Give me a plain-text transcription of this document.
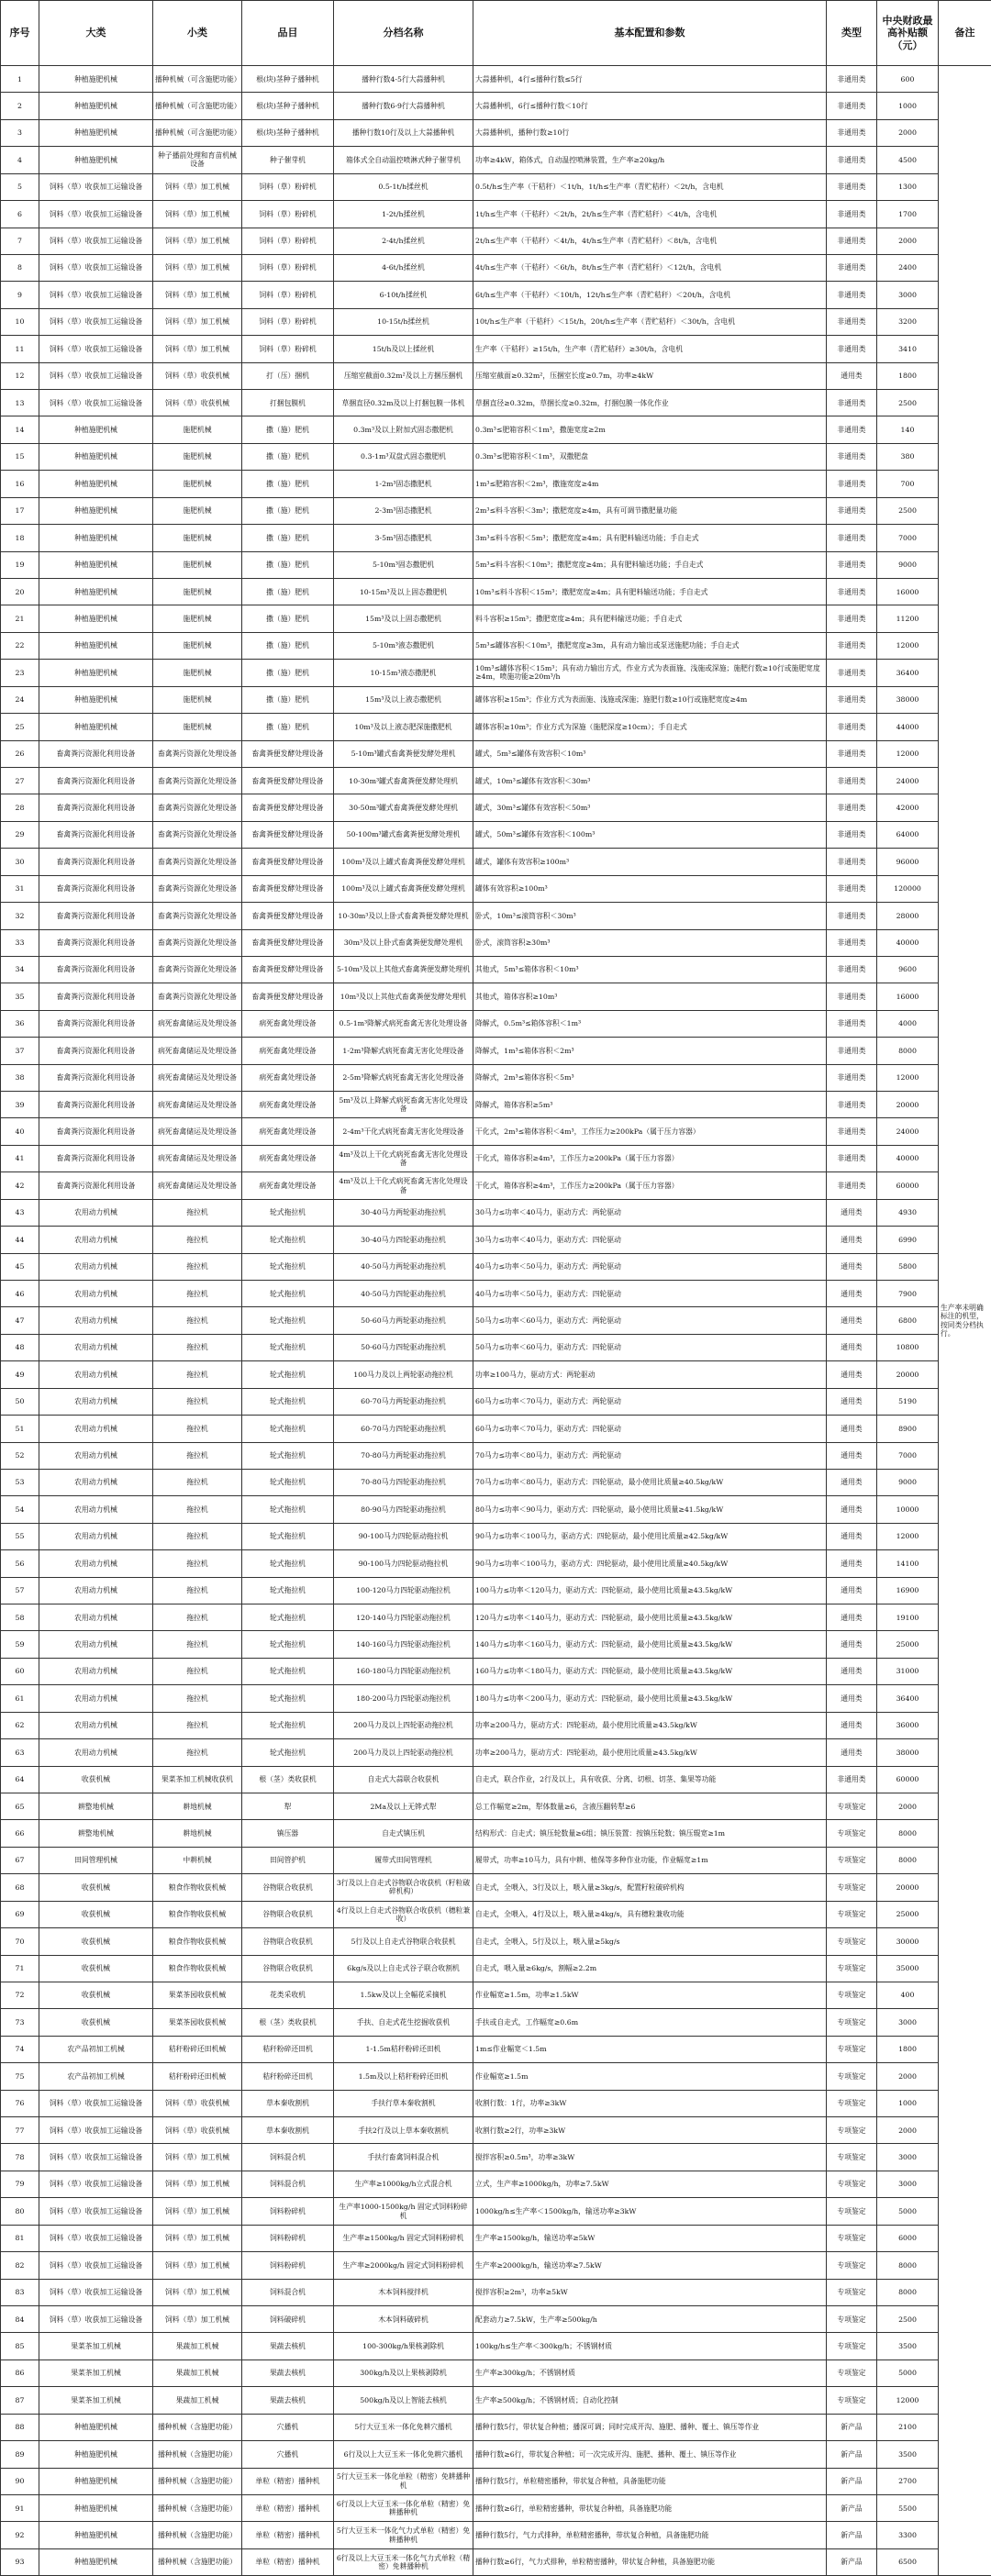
序号	大类	小类	品目	分档名称	基本配置和参数	类型	中央财政最高补贴额（元）	备注
1	种植施肥机械	播种机械（可含施肥功能）	根(块)茎种子播种机	播种行数4-5行大蒜播种机	大蒜播种机，4行≤播种行数≤5行	非通用类	600	生产率未明确标注的机型，按同类分档执行。
2	种植施肥机械	播种机械（可含施肥功能）	根(块)茎种子播种机	播种行数6-9行大蒜播种机	大蒜播种机，6行≤播种行数＜10行	非通用类	1000	
3	种植施肥机械	播种机械（可含施肥功能）	根(块)茎种子播种机	播种行数10行及以上大蒜播种机	大蒜播种机，播种行数≥10行	非通用类	2000	
4	种植施肥机械	种子播前处理和育苗机械设备	种子催芽机	箱体式全自动温控喷淋式种子催芽机	功率≥4kW，箱体式，自动温控喷淋装置，生产率≥20kg/h	非通用类	4500	
5	饲料（草）收获加工运输设备	饲料（草）加工机械	饲料（草）粉碎机	0.5-1t/h揉丝机	0.5t/h≤生产率（干秸秆）＜1t/h，1t/h≤生产率（青贮秸秆）＜2t/h，含电机	非通用类	1300	
6	饲料（草）收获加工运输设备	饲料（草）加工机械	饲料（草）粉碎机	1-2t/h揉丝机	1t/h≤生产率（干秸秆）＜2t/h，2t/h≤生产率（青贮秸秆）＜4t/h，含电机	非通用类	1700	
7	饲料（草）收获加工运输设备	饲料（草）加工机械	饲料（草）粉碎机	2-4t/h揉丝机	2t/h≤生产率（干秸秆）＜4t/h，4t/h≤生产率（青贮秸秆）＜8t/h，含电机	非通用类	2000	
8	饲料（草）收获加工运输设备	饲料（草）加工机械	饲料（草）粉碎机	4-6t/h揉丝机	4t/h≤生产率（干秸秆）＜6t/h，8t/h≤生产率（青贮秸秆）＜12t/h，含电机	非通用类	2400	
9	饲料（草）收获加工运输设备	饲料（草）加工机械	饲料（草）粉碎机	6-10t/h揉丝机	6t/h≤生产率（干秸秆）＜10t/h，12t/h≤生产率（青贮秸秆）＜20t/h，含电机	非通用类	3000	
10	饲料（草）收获加工运输设备	饲料（草）加工机械	饲料（草）粉碎机	10-15t/h揉丝机	10t/h≤生产率（干秸秆）＜15t/h，20t/h≤生产率（青贮秸秆）＜30t/h，含电机	非通用类	3200	
11	饲料（草）收获加工运输设备	饲料（草）加工机械	饲料（草）粉碎机	15t/h及以上揉丝机	生产率（干秸秆）≥15t/h，生产率（青贮秸秆）≥30t/h，含电机	非通用类	3410	
12	饲料（草）收获加工运输设备	饲料（草）收获机械	打（压）捆机	压缩室截面0.32m²及以上方捆压捆机	压缩室截面≥0.32m²，压捆室长度≥0.7m，功率≥4kW	通用类	1800	
13	饲料（草）收获加工运输设备	饲料（草）收获机械	打捆包膜机	草捆直径0.32m及以上打捆包膜一体机	草捆直径≥0.32m，草捆长度≥0.32m，打捆包膜一体化作业	非通用类	2500	
14	种植施肥机械	施肥机械	撒（施）肥机	0.3m³及以上附加式固态撒肥机	0.3m³≤肥箱容积＜1m³，撒施宽度≥2m	非通用类	140	
15	种植施肥机械	施肥机械	撒（施）肥机	0.3-1m³双盘式固态撒肥机	0.3m³≤肥箱容积＜1m³，双撒肥盘	非通用类	380	
16	种植施肥机械	施肥机械	撒（施）肥机	1-2m³固态撒肥机	1m³≤肥箱容积＜2m³，撒施宽度≥4m	非通用类	700	
17	种植施肥机械	施肥机械	撒（施）肥机	2-3m³固态撒肥机	2m³≤料斗容积＜3m³；撒肥宽度≥4m，具有可调节撒肥量功能	非通用类	2500	
18	种植施肥机械	施肥机械	撒（施）肥机	3-5m³固态撒肥机	3m³≤料斗容积＜5m³；撒肥宽度≥4m；具有肥料输送功能；手自走式	非通用类	7000	
19	种植施肥机械	施肥机械	撒（施）肥机	5-10m³固态撒肥机	5m³≤料斗容积＜10m³；撒肥宽度≥4m；具有肥料输送功能；手自走式	非通用类	9000	
20	种植施肥机械	施肥机械	撒（施）肥机	10-15m³及以上固态撒肥机	10m³≤料斗容积＜15m³；撒肥宽度≥4m；具有肥料输送功能；手自走式	非通用类	16000	
21	种植施肥机械	施肥机械	撒（施）肥机	15m³及以上固态撒肥机	料斗容积≥15m³；撒肥宽度≥4m；具有肥料输送功能；手自走式	非通用类	11200	
22	种植施肥机械	施肥机械	撒（施）肥机	5-10m³液态撒肥机	5m³≤罐体容积＜10m³，撒肥宽度≥3m，具有动力输出或泵送施肥功能；手自走式	非通用类	12000	
23	种植施肥机械	施肥机械	撒（施）肥机	10-15m³液态撒肥机	10m³≤罐体容积＜15m³；具有动力输出方式，作业方式为表面施、浅施或深施；施肥行数≥10行或施肥宽度≥4m，喷施功能≥20m³/h	非通用类	36400	
24	种植施肥机械	施肥机械	撒（施）肥机	15m³及以上液态撒肥机	罐体容积≥15m³；作业方式为表面施、浅施或深施；施肥行数≥10行或施肥宽度≥4m	非通用类	38000	
25	种植施肥机械	施肥机械	撒（施）肥机	10m³及以上液态肥深施撒肥机	罐体容积≥10m³；作业方式为深施（施肥深度≥10cm）；手自走式	非通用类	44000	
26	畜禽粪污资源化利用设备	畜禽粪污资源化处理设备	畜禽粪便发酵处理设备	5-10m³罐式畜禽粪便发酵处理机	罐式，5m³≤罐体有效容积＜10m³	非通用类	12000	
27	畜禽粪污资源化利用设备	畜禽粪污资源化处理设备	畜禽粪便发酵处理设备	10-30m³罐式畜禽粪便发酵处理机	罐式，10m³≤罐体有效容积＜30m³	非通用类	24000	
28	畜禽粪污资源化利用设备	畜禽粪污资源化处理设备	畜禽粪便发酵处理设备	30-50m³罐式畜禽粪便发酵处理机	罐式，30m³≤罐体有效容积＜50m³	非通用类	42000	
29	畜禽粪污资源化利用设备	畜禽粪污资源化处理设备	畜禽粪便发酵处理设备	50-100m³罐式畜禽粪便发酵处理机	罐式，50m³≤罐体有效容积＜100m³	非通用类	64000	
30	畜禽粪污资源化利用设备	畜禽粪污资源化处理设备	畜禽粪便发酵处理设备	100m³及以上罐式畜禽粪便发酵处理机	罐式，罐体有效容积≥100m³	非通用类	96000	
31	畜禽粪污资源化利用设备	畜禽粪污资源化处理设备	畜禽粪便发酵处理设备	100m³及以上罐式畜禽粪便发酵处理机	罐体有效容积≥100m³	非通用类	120000	
32	畜禽粪污资源化利用设备	畜禽粪污资源化处理设备	畜禽粪便发酵处理设备	10-30m³及以上卧式畜禽粪便发酵处理机	卧式，10m³≤滚筒容积＜30m³	非通用类	28000	
33	畜禽粪污资源化利用设备	畜禽粪污资源化处理设备	畜禽粪便发酵处理设备	30m³及以上卧式畜禽粪便发酵处理机	卧式，滚筒容积≥30m³	非通用类	40000	
34	畜禽粪污资源化利用设备	畜禽粪污资源化处理设备	畜禽粪便发酵处理设备	5-10m³及以上其他式畜禽粪便发酵处理机	其他式，5m³≤箱体容积＜10m³	非通用类	9600	
35	畜禽粪污资源化利用设备	畜禽粪污资源化处理设备	畜禽粪便发酵处理设备	10m³及以上其他式畜禽粪便发酵处理机	其他式，箱体容积≥10m³	非通用类	16000	
36	畜禽粪污资源化利用设备	病死畜禽储运及处理设备	病死畜禽处理设备	0.5-1m³降解式病死畜禽无害化处理设备	降解式，0.5m³≤箱体容积＜1m³	非通用类	4000	
37	畜禽粪污资源化利用设备	病死畜禽储运及处理设备	病死畜禽处理设备	1-2m³降解式病死畜禽无害化处理设备	降解式，1m³≤箱体容积＜2m³	非通用类	8000	
38	畜禽粪污资源化利用设备	病死畜禽储运及处理设备	病死畜禽处理设备	2-5m³降解式病死畜禽无害化处理设备	降解式，2m³≤箱体容积＜5m³	非通用类	12000	
39	畜禽粪污资源化利用设备	病死畜禽储运及处理设备	病死畜禽处理设备	5m³及以上降解式病死畜禽无害化处理设备	降解式，箱体容积≥5m³	非通用类	20000	
40	畜禽粪污资源化利用设备	病死畜禽储运及处理设备	病死畜禽处理设备	2-4m³干化式病死畜禽无害化处理设备	干化式，2m³≤箱体容积＜4m³，工作压力≥200kPa（属于压力容器）	非通用类	24000	
41	畜禽粪污资源化利用设备	病死畜禽储运及处理设备	病死畜禽处理设备	4m³及以上干化式病死畜禽无害化处理设备	干化式，箱体容积≥4m³，工作压力≥200kPa（属于压力容器）	非通用类	40000	
42	畜禽粪污资源化利用设备	病死畜禽储运及处理设备	病死畜禽处理设备	4m³及以上干化式病死畜禽无害化处理设备	干化式，箱体容积≥4m³，工作压力≥200kPa（属于压力容器）	非通用类	60000	
43	农用动力机械	拖拉机	轮式拖拉机	30-40马力两轮驱动拖拉机	30马力≤功率＜40马力，驱动方式：两轮驱动	通用类	4930	
44	农用动力机械	拖拉机	轮式拖拉机	30-40马力四轮驱动拖拉机	30马力≤功率＜40马力，驱动方式：四轮驱动	通用类	6990	
45	农用动力机械	拖拉机	轮式拖拉机	40-50马力两轮驱动拖拉机	40马力≤功率＜50马力，驱动方式：两轮驱动	通用类	5800	
46	农用动力机械	拖拉机	轮式拖拉机	40-50马力四轮驱动拖拉机	40马力≤功率＜50马力，驱动方式：四轮驱动	通用类	7900	
47	农用动力机械	拖拉机	轮式拖拉机	50-60马力两轮驱动拖拉机	50马力≤功率＜60马力，驱动方式：两轮驱动	通用类	6800	
48	农用动力机械	拖拉机	轮式拖拉机	50-60马力四轮驱动拖拉机	50马力≤功率＜60马力，驱动方式：四轮驱动	通用类	10800	
49	农用动力机械	拖拉机	轮式拖拉机	100马力及以上两轮驱动拖拉机	功率≥100马力，驱动方式：两轮驱动	通用类	20000	
50	农用动力机械	拖拉机	轮式拖拉机	60-70马力两轮驱动拖拉机	60马力≤功率＜70马力，驱动方式：两轮驱动	通用类	5190	
51	农用动力机械	拖拉机	轮式拖拉机	60-70马力四轮驱动拖拉机	60马力≤功率＜70马力，驱动方式：四轮驱动	通用类	8900	
52	农用动力机械	拖拉机	轮式拖拉机	70-80马力两轮驱动拖拉机	70马力≤功率＜80马力，驱动方式：两轮驱动	通用类	7000	
53	农用动力机械	拖拉机	轮式拖拉机	70-80马力四轮驱动拖拉机	70马力≤功率＜80马力，驱动方式：四轮驱动，最小使用比质量≥40.5kg/kW	通用类	9000	
54	农用动力机械	拖拉机	轮式拖拉机	80-90马力四轮驱动拖拉机	80马力≤功率＜90马力，驱动方式：四轮驱动，最小使用比质量≥41.5kg/kW	通用类	10000	
55	农用动力机械	拖拉机	轮式拖拉机	90-100马力四轮驱动拖拉机	90马力≤功率＜100马力，驱动方式：四轮驱动，最小使用比质量≥42.5kg/kW	通用类	12000	
56	农用动力机械	拖拉机	轮式拖拉机	90-100马力四轮驱动拖拉机	90马力≤功率＜100马力，驱动方式：四轮驱动，最小使用比质量≥40.5kg/kW	通用类	14100	
57	农用动力机械	拖拉机	轮式拖拉机	100-120马力四轮驱动拖拉机	100马力≤功率＜120马力，驱动方式：四轮驱动，最小使用比质量≥43.5kg/kW	通用类	16900	
58	农用动力机械	拖拉机	轮式拖拉机	120-140马力四轮驱动拖拉机	120马力≤功率＜140马力，驱动方式：四轮驱动，最小使用比质量≥43.5kg/kW	通用类	19100	
59	农用动力机械	拖拉机	轮式拖拉机	140-160马力四轮驱动拖拉机	140马力≤功率＜160马力，驱动方式：四轮驱动，最小使用比质量≥43.5kg/kW	通用类	25000	
60	农用动力机械	拖拉机	轮式拖拉机	160-180马力四轮驱动拖拉机	160马力≤功率＜180马力，驱动方式：四轮驱动，最小使用比质量≥43.5kg/kW	通用类	31000	
61	农用动力机械	拖拉机	轮式拖拉机	180-200马力四轮驱动拖拉机	180马力≤功率＜200马力，驱动方式：四轮驱动，最小使用比质量≥43.5kg/kW	通用类	36400	
62	农用动力机械	拖拉机	轮式拖拉机	200马力及以上四轮驱动拖拉机	功率≥200马力，驱动方式：四轮驱动，最小使用比质量≥43.5kg/kW	通用类	36000	
63	农用动力机械	拖拉机	轮式拖拉机	200马力及以上四轮驱动拖拉机	功率≥200马力，驱动方式：四轮驱动，最小使用比质量≥43.5kg/kW	通用类	38000	
64	收获机械	果菜茶加工机械收获机	根（茎）类收获机	自走式大蒜联合收获机	自走式，联合作业，2行及以上，具有收获、分离、切根、切茎、集果等功能	非通用类	60000	
65	耕整地机械	耕地机械	犁	2Ma及以上无铧式犁	总工作幅宽≥2m，犁体数量≥6，含液压翻转犁≥6	专项鉴定	2000	
66	耕整地机械	耕地机械	镇压器	自走式镇压机	结构形式：自走式；镇压轮数量≥6组；镇压装置：按镇压轮数；镇压辊宽≥1m	专项鉴定	8000	
67	田间管理机械	中耕机械	田间管护机	履带式田间管理机	履带式，功率≥10马力，具有中耕、植保等多种作业功能，作业幅宽≥1m	专项鉴定	8000	
68	收获机械	粮食作物收获机械	谷物联合收获机	3行及以上自走式谷物联合收获机（籽粒破碎机构）	自走式，全喂入，3行及以上，喂入量≥3kg/s，配置籽粒破碎机构	专项鉴定	20000	
69	收获机械	粮食作物收获机械	谷物联合收获机	4行及以上自走式谷物联合收获机（穗粒兼收）	自走式，全喂入，4行及以上，喂入量≥4kg/s，具有穗粒兼收功能	专项鉴定	25000	
70	收获机械	粮食作物收获机械	谷物联合收获机	5行及以上自走式谷物联合收获机	自走式，全喂入，5行及以上，喂入量≥5kg/s	专项鉴定	30000	
71	收获机械	粮食作物收获机械	谷物联合收获机	6kg/s及以上自走式谷子联合收割机	自走式，喂入量≥6kg/s，割幅≥2.2m	专项鉴定	35000	
72	收获机械	果菜茶园收获机械	花类采收机	1.5kw及以上全幅花采摘机	作业幅宽≥1.5m，功率≥1.5kW	专项鉴定	400	
73	收获机械	果菜茶园收获机械	根（茎）类收获机	手扶、自走式花生挖掘收获机	手扶或自走式，工作幅宽≥0.6m	专项鉴定	3000	
74	农产品初加工机械	秸秆粉碎还田机械	秸秆粉碎还田机	1-1.5m秸秆粉碎还田机	1m≤作业幅宽＜1.5m	专项鉴定	1800	
75	农产品初加工机械	秸秆粉碎还田机械	秸秆粉碎还田机	1.5m及以上秸秆粉碎还田机	作业幅宽≥1.5m	专项鉴定	2000	
76	饲料（草）收获加工运输设备	饲料（草）收获机械	草本秦收割机	手扶行草本秦收割机	收割行数：1行，功率≥3kW	专项鉴定	1000	
77	饲料（草）收获加工运输设备	饲料（草）收获机械	草本秦收割机	手扶2行及以上草本秦收割机	收割行数≥2行，功率≥3kW	专项鉴定	2000	
78	饲料（草）收获加工运输设备	饲料（草）加工机械	饲料混合机	手扶行畜禽饲料混合机	搅拌容积≥0.5m³，功率≥3kW	专项鉴定	3000	
79	饲料（草）收获加工运输设备	饲料（草）加工机械	饲料混合机	生产率≥1000kg/h立式混合机	立式，生产率≥1000kg/h，功率≥7.5kW	专项鉴定	3000	
80	饲料（草）收获加工运输设备	饲料（草）加工机械	饲料粉碎机	生产率1000-1500kg/h 固定式饲料粉碎机	1000kg/h≤生产率＜1500kg/h，输送功率≥3kW	专项鉴定	5000	
81	饲料（草）收获加工运输设备	饲料（草）加工机械	饲料粉碎机	生产率≥1500kg/h 固定式饲料粉碎机	生产率≥1500kg/h，输送功率≥5kW	专项鉴定	6000	
82	饲料（草）收获加工运输设备	饲料（草）加工机械	饲料粉碎机	生产率≥2000kg/h 固定式饲料粉碎机	生产率≥2000kg/h，输送功率≥7.5kW	专项鉴定	8000	
83	饲料（草）收获加工运输设备	饲料（草）加工机械	饲料混合机	木本饲料搅拌机	搅拌容积≥2m³，功率≥5kW	专项鉴定	8000	
84	饲料（草）收获加工运输设备	饲料（草）加工机械	饲料破碎机	木本饲料破碎机	配套动力≥7.5kW，生产率≥500kg/h	专项鉴定	2500	
85	果菜茶加工机械	果蔬加工机械	果蔬去核机	100-300kg/h果核剥除机	100kg/h≤生产率＜300kg/h；不锈钢材质	专项鉴定	3500	
86	果菜茶加工机械	果蔬加工机械	果蔬去核机	300kg/h及以上果核剥除机	生产率≥300kg/h；不锈钢材质	专项鉴定	5000	
87	果菜茶加工机械	果蔬加工机械	果蔬去核机	500kg/h及以上智能去核机	生产率≥500kg/h；不锈钢材质；自动化控制	专项鉴定	12000	
88	种植施肥机械	播种机械（含施肥功能）	穴播机	5行大豆玉米一体化免耕穴播机	播种行数5行，带状复合种植；播深可调；同时完成开沟、施肥、播种、覆土、镇压等作业	新产品	2100	
89	种植施肥机械	播种机械（含施肥功能）	穴播机	6行及以上大豆玉米一体化免耕穴播机	播种行数≥6行，带状复合种植；可一次完成开沟、施肥、播种、覆土、镇压等作业	新产品	3500	
90	种植施肥机械	播种机械（含施肥功能）	单粒（精密）播种机	5行大豆玉米一体化单粒（精密）免耕播种机	播种行数5行，单粒精密播种，带状复合种植，具备施肥功能	新产品	2700	
91	种植施肥机械	播种机械（含施肥功能）	单粒（精密）播种机	6行及以上大豆玉米一体化单粒（精密）免耕播种机	播种行数≥6行，单粒精密播种，带状复合种植，具备施肥功能	新产品	5500	
92	种植施肥机械	播种机械（含施肥功能）	单粒（精密）播种机	5行大豆玉米一体化气力式单粒（精密）免耕播种机	播种行数5行，气力式排种，单粒精密播种，带状复合种植，具备施肥功能	新产品	3300	
93	种植施肥机械	播种机械（含施肥功能）	单粒（精密）播种机	6行及以上大豆玉米一体化气力式单粒（精密）免耕播种机	播种行数≥6行，气力式排种，单粒精密播种，带状复合种植，具备施肥功能	新产品	6500	
